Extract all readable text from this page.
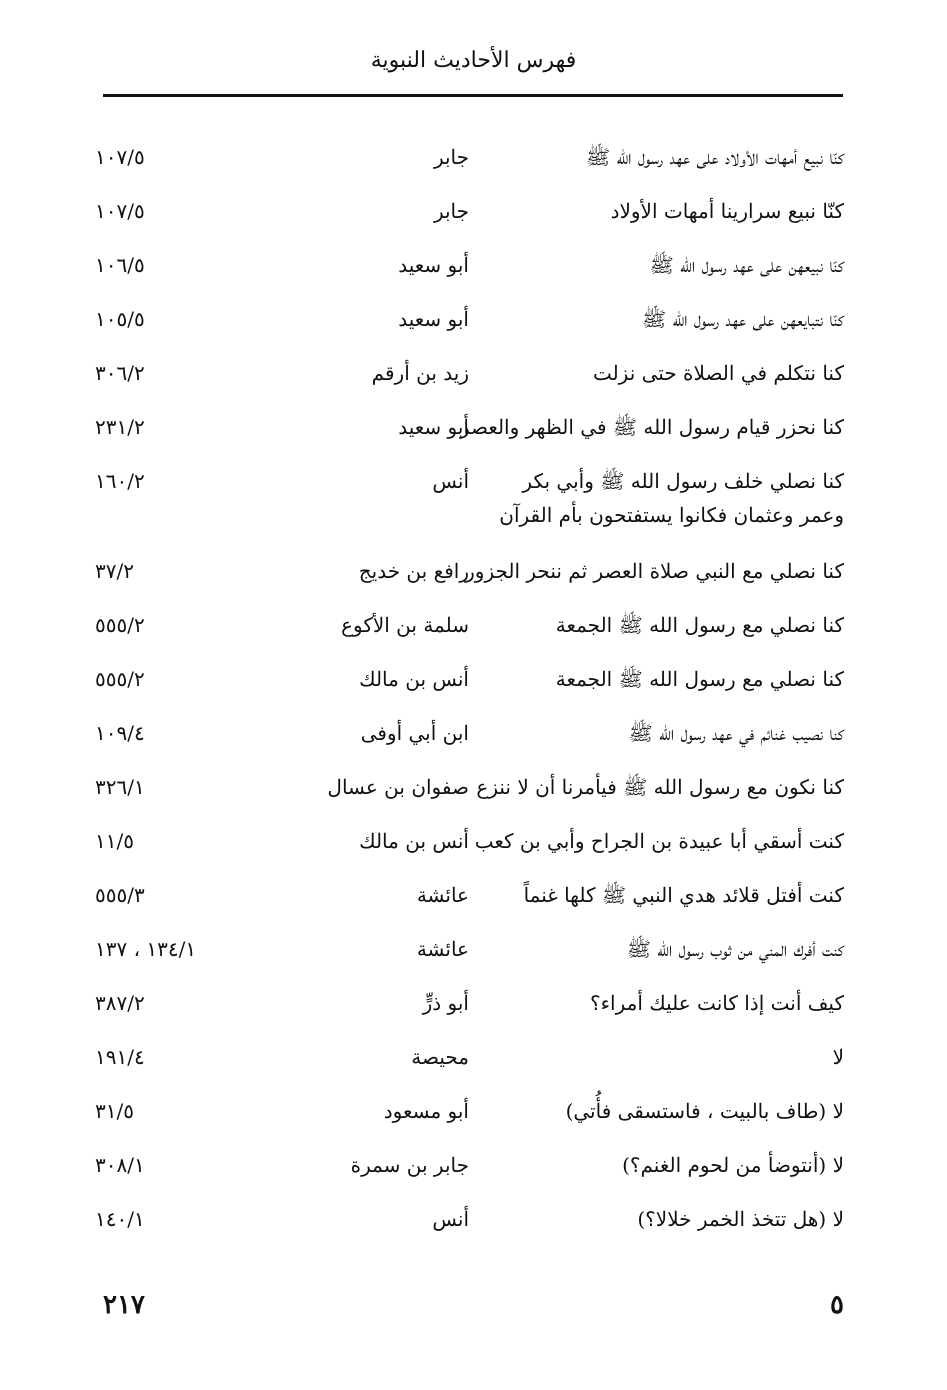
فهرس الأحاديث النبوية
كنّا نبيع أمهات الأولاد على عهد رسول الله ﷺ
جابر
١٠٧/٥
كنّا نبيع سرارينا أمهات الأولاد
جابر
١٠٧/٥
كنّا نبيعهن على عهد رسول الله ﷺ
أبو سعيد
١٠٦/٥
كنّا نتبايعهن على عهد رسول الله ﷺ
أبو سعيد
١٠٥/٥
كنا نتكلم في الصلاة حتى نزلت
زيد بن أرقم
٣٠٦/٢
كنا نحزر قيام رسول الله ﷺ في الظهر والعصر
أبو سعيد
٢٣١/٢
كنا نصلي خلف رسول الله ﷺ وأبي بكر وعمر وعثمان فكانوا يستفتحون بأم القرآن
أنس
١٦٠/٢
كنا نصلي مع النبي صلاة العصر ثم ننحر الجزور
رافع بن خديج
٣٧/٢
كنا نصلي مع رسول الله ﷺ الجمعة
سلمة بن الأكوع
٥٥٥/٢
كنا نصلي مع رسول الله ﷺ الجمعة
أنس بن مالك
٥٥٥/٢
كنا نصيب غنائم في عهد رسول الله ﷺ
ابن أبي أوفى
١٠٩/٤
كنا نكون مع رسول الله ﷺ فيأمرنا أن لا ننزع
صفوان بن عسال
٣٢٦/١
كنت أسقي أبا عبيدة بن الجراح وأبي بن كعب
أنس بن مالك
١١/٥
كنت أفتل قلائد هدي النبي ﷺ كلها غنماً
عائشة
٥٥٥/٣
كنت أفرك المني من ثوب رسول الله ﷺ
عائشة
١٣٤/١ ، ١٣٧
كيف أنت إذا كانت عليك أمراء؟
أبو ذرٍّ
٣٨٧/٢
لا
محيصة
١٩١/٤
لا (طاف بالبيت ، فاستسقى فأُتي)
أبو مسعود
٣١/٥
لا (أنتوضأ من لحوم الغنم؟)
جابر بن سمرة
٣٠٨/١
لا (هل تتخذ الخمر خلالا؟)
أنس
١٤٠/١
٢١٧	٥
